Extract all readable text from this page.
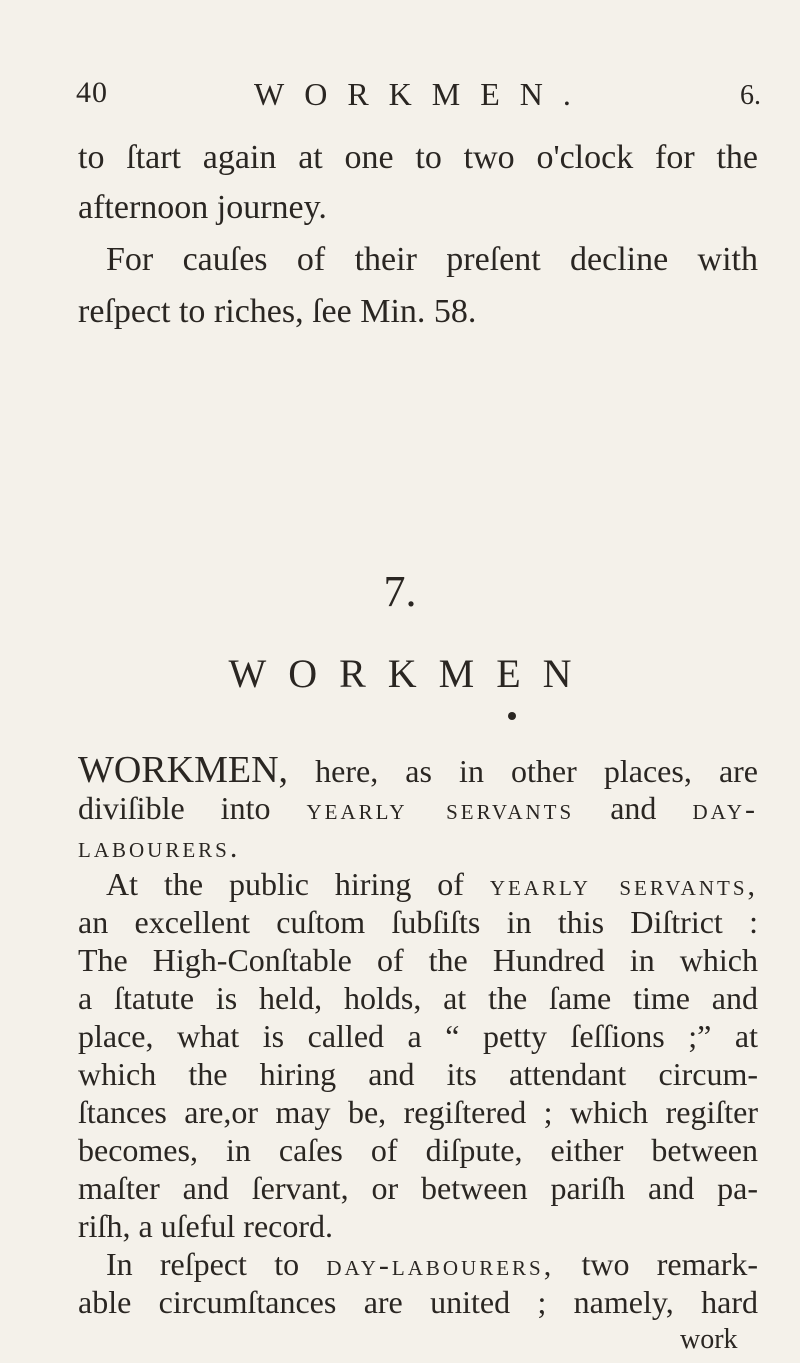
40	WORKMEN.	6.
to ſtart again at one to two o'clock for the
afternoon journey.
For cauſes of their preſent decline with
reſpect to riches, ſee Min. 58.
7.
WORKMEN
WORKMEN, here, as in other places, are
diviſible into yearly servants and day-
labourers.
At the public hiring of yearly servants,
an excellent cuſtom ſubſiſts in this Diſtrict :
The High-Conſtable of the Hundred in which
a ſtatute is held, holds, at the ſame time and
place, what is called a “ petty ſeſſions ;” at
which the hiring and its attendant circum-
work
ſtances are,or may be, regiſtered ; which regiſter
becomes, in caſes of diſpute, either between
maſter and ſervant, or between pariſh and pa-
riſh, a uſeful record.
In reſpect to day-labourers, two remark-
able circumſtances are united ; namely, hard
